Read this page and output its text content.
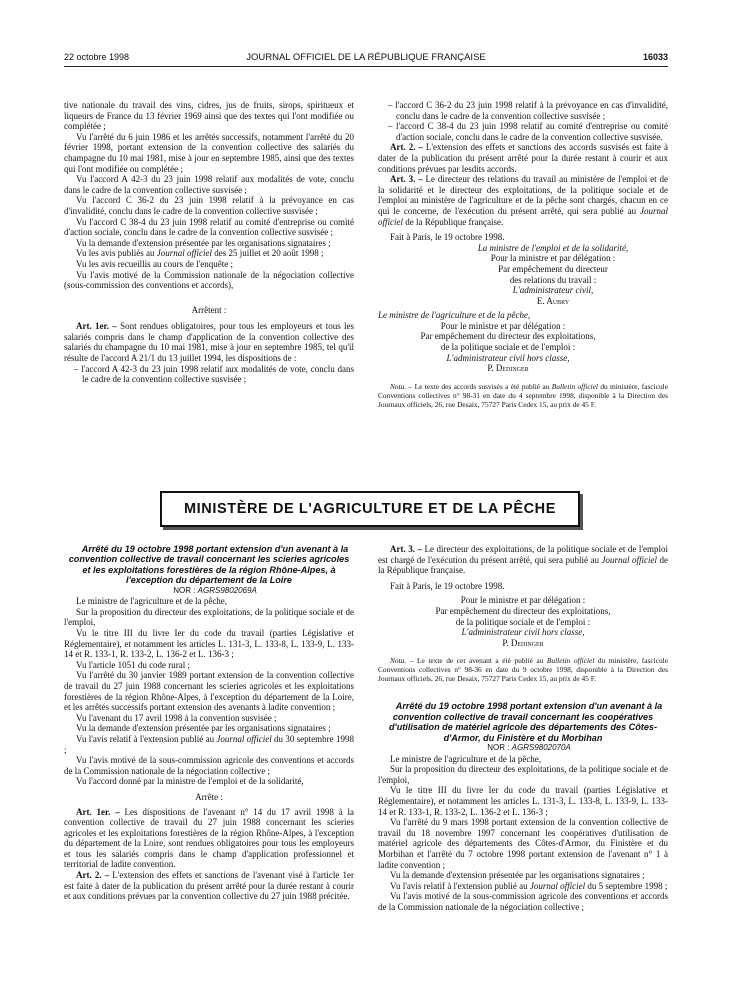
22 octobre 1998	JOURNAL OFFICIEL DE LA RÉPUBLIQUE FRANÇAISE	16033

tive nationale du travail des vins, cidres, jus de fruits, sirops, spiritueux et liqueurs de France du 13 février 1969 ainsi que des textes qui l'ont modifiée ou complétée ;

Vu l'arrêté du 6 juin 1986 et les arrêtés successifs, notamment l'arrêté du 20 février 1998, portant extension de la convention collective des salariés du champagne du 10 mai 1981, mise à jour en septembre 1985, ainsi que des textes qui l'ont modifiée ou complétée ;

Vu l'accord A 42-3 du 23 juin 1998 relatif aux modalités de vote, conclu dans le cadre de la convention collective susvisée ;

Vu l'accord C 36-2 du 23 juin 1998 relatif à la prévoyance en cas d'invalidité, conclu dans le cadre de la convention collective susvisée ;

Vu l'accord C 38-4 du 23 juin 1998 relatif au comité d'entreprise ou comité d'action sociale, conclu dans le cadre de la convention collective susvisée ;

Vu la demande d'extension présentée par les organisations signataires ;

Vu les avis publiés au Journal officiel des 25 juillet et 20 août 1998 ;

Vu les avis recueillis au cours de l'enquête ;

Vu l'avis motivé de la Commission nationale de la négociation collective (sous-commission des conventions et accords),

Arrêtent :

Art. 1er. – Sont rendues obligatoires, pour tous les employeurs et tous les salariés compris dans le champ d'application de la convention collective des salariés du champagne du 10 mai 1981, mise à jour en septembre 1985, tel qu'il résulte de l'accord A 21/1 du 13 juillet 1994, les dispositions de :

– l'accord A 42-3 du 23 juin 1998 relatif aux modalités de vote, conclu dans le cadre de la convention collective susvisée ;

– l'accord C 36-2 du 23 juin 1998 relatif à la prévoyance en cas d'invalidité, conclu dans le cadre de la convention collective susvisée ;

– l'accord C 38-4 du 23 juin 1998 relatif au comité d'entreprise ou comité d'action sociale, conclu dans le cadre de la convention collective susvisée.

Art. 2. – L'extension des effets et sanctions des accords susvisés est faite à dater de la publication du présent arrêté pour la durée restant à courir et aux conditions prévues par lesdits accords.

Art. 3. – Le directeur des relations du travail au ministère de l'emploi et de la solidarité et le directeur des exploitations, de la politique sociale et de l'emploi au ministère de l'agriculture et de la pêche sont chargés, chacun en ce qui le concerne, de l'exécution du présent arrêté, qui sera publié au Journal officiel de la République française.

Fait à Paris, le 19 octobre 1998.

La ministre de l'emploi et de la solidarité,

Pour la ministre et par délégation :

Par empêchement du directeur

des relations du travail :

L'administrateur civil,

E. Aubry

Le ministre de l'agriculture et de la pêche,

Pour le ministre et par délégation :

Par empêchement du directeur des exploitations,

de la politique sociale et de l'emploi :

L'administrateur civil hors classe,

P. Dedinger

Nota. – Le texte des accords susvisés a été publié au Bulletin officiel du ministère, fascicule Conventions collectives n° 98-31 en date du 4 septembre 1998, disponible à la Direction des Journaux officiels, 26, rue Desaix, 75727 Paris Cedex 15, au prix de 45 F.

MINISTÈRE DE L'AGRICULTURE ET DE LA PÊCHE

Arrêté du 19 octobre 1998 portant extension d'un avenant à la convention collective de travail concernant les scieries agricoles et les exploitations forestières de la région Rhône-Alpes, à l'exception du département de la Loire

NOR : AGRS9802069A

Le ministre de l'agriculture et de la pêche,

Sur la proposition du directeur des exploitations, de la politique sociale et de l'emploi,

Vu le titre III du livre Ier du code du travail (parties Législative et Réglementaire), et notamment les articles L. 131-3, L. 133-8, L. 133-9, L. 133-14 et R. 133-1, R. 133-2, L. 136-2 et L. 136-3 ;

Vu l'article 1051 du code rural ;

Vu l'arrêté du 30 janvier 1989 portant extension de la convention collective de travail du 27 juin 1988 concernant les scieries agricoles et les exploitations forestières de la région Rhône-Alpes, à l'exception du département de la Loire, et les arrêtés successifs portant extension des avenants à ladite convention ;

Vu l'avenant du 17 avril 1998 à la convention susvisée ;

Vu la demande d'extension présentée par les organisations signataires ;

Vu l'avis relatif à l'extension publié au Journal officiel du 30 septembre 1998 ;

Vu l'avis motivé de la sous-commission agricole des conventions et accords de la Commission nationale de la négociation collective ;

Vu l'accord donné par la ministre de l'emploi et de la solidarité,

Arrête :

Art. 1er. – Les dispositions de l'avenant n° 14 du 17 avril 1998 à la convention collective de travail du 27 juin 1988 concernant les scieries agricoles et les exploitations forestières de la région Rhône-Alpes, à l'exception du département de la Loire, sont rendues obligatoires pour tous les employeurs et tous les salariés compris dans le champ d'application professionnel et territorial de ladite convention.

Art. 2. – L'extension des effets et sanctions de l'avenant visé à l'article 1er est faite à dater de la publication du présent arrêté pour la durée restant à courir et aux conditions prévues par la convention collective du 27 juin 1988 précitée.

Art. 3. – Le directeur des exploitations, de la politique sociale et de l'emploi est chargé de l'exécution du présent arrêté, qui sera publié au Journal officiel de la République française.

Fait à Paris, le 19 octobre 1998.

Pour le ministre et par délégation :

Par empêchement du directeur des exploitations,

de la politique sociale et de l'emploi :

L'administrateur civil hors classe,

P. Dedinger

Nota. – Le texte de cet avenant a été publié au Bulletin officiel du ministère, fascicule Conventions collectives n° 98-36 en date du 9 octobre 1998, disponible à la Direction des Journaux officiels, 26, rue Desaix, 75727 Paris Cedex 15, au prix de 45 F.

Arrêté du 19 octobre 1998 portant extension d'un avenant à la convention collective de travail concernant les coopératives d'utilisation de matériel agricole des départements des Côtes-d'Armor, du Finistère et du Morbihan

NOR : AGRS9802070A

Le ministre de l'agriculture et de la pêche,

Sur la proposition du directeur des exploitations, de la politique sociale et de l'emploi,

Vu le titre III du livre Ier du code du travail (parties Législative et Réglementaire), et notamment les articles L. 131-3, L. 133-8, L. 133-9, L. 133-14 et R. 133-1, R. 133-2, L. 136-2 et L. 136-3 ;

Vu l'arrêté du 9 mars 1998 portant extension de la convention collective de travail du 18 novembre 1997 concernant les coopératives d'utilisation de matériel agricole des départements des Côtes-d'Armor, du Finistère et du Morbihan et l'arrêté du 7 octobre 1998 portant extension de l'avenant n° 1 à ladite convention ;

Vu la demande d'extension présentée par les organisations signataires ;

Vu l'avis relatif à l'extension publié au Journal officiel du 5 septembre 1998 ;

Vu l'avis motivé de la sous-commission agricole des conventions et accords de la Commission nationale de la négociation collective ;
